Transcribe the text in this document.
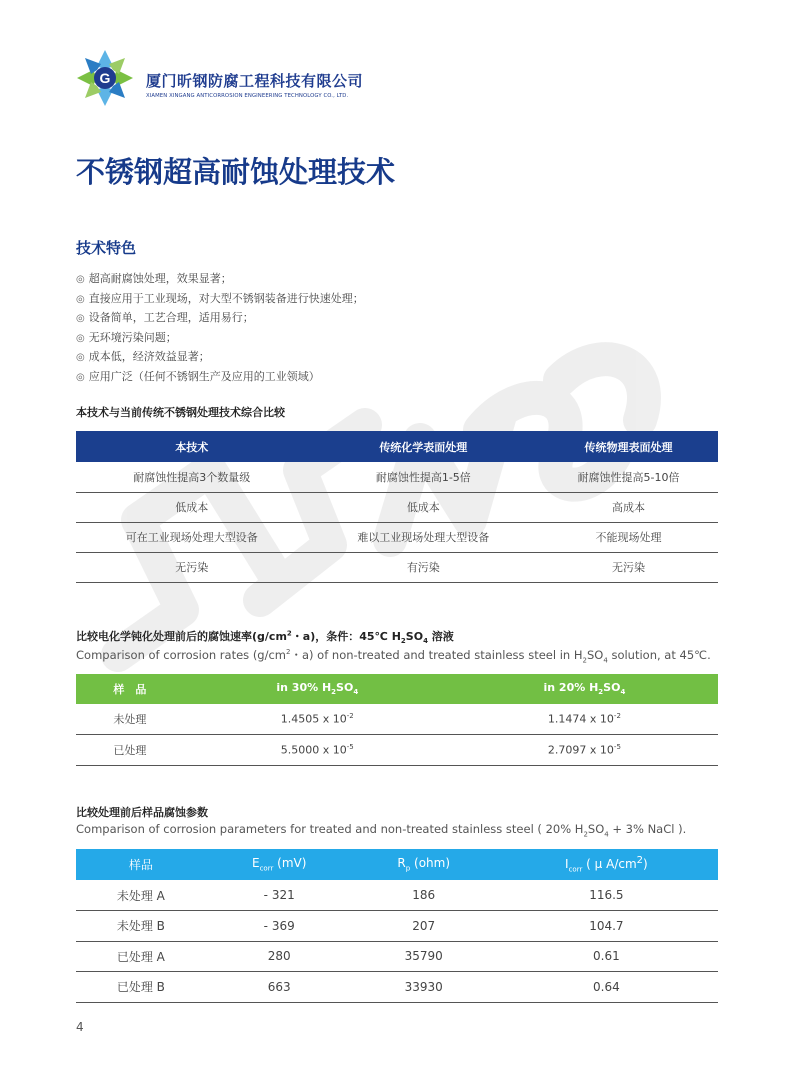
G 厦门昕钢防腐工程科技有限公司
XIAMEN XINGANG ANTICORROSION ENGINEERING TECHNOLOGY CO., LTD.
不锈钢超高耐蚀处理技术
技术特色
◎ 超高耐腐蚀处理，效果显著；
◎ 直接应用于工业现场，对大型不锈钢装备进行快速处理；
◎ 设备简单，工艺合理，适用易行；
◎ 无环境污染问题；
◎ 成本低，经济效益显著；
◎ 应用广泛（任何不锈钢生产及应用的工业领域）
本技术与当前传统不锈钢处理技术综合比较
本技术	传统化学表面处理	传统物理表面处理
耐腐蚀性提高3个数量级	耐腐蚀性提高1-5倍	耐腐蚀性提高5-10倍
低成本	低成本	高成本
可在工业现场处理大型设备	难以工业现场处理大型设备	不能现场处理
无污染	有污染	无污染
比较电化学钝化处理前后的腐蚀速率($g/cm^2$・a)，条件：45℃ $H_2SO_4$ 溶液
Comparison of corrosion rates ($g/cm^2$・a) of non-treated and treated stainless steel in $H_2SO_4$ solution, at 45℃.
样　品	in 30% $H_2SO_4$	in 20% $H_2SO_4$
未处理	1.4505 x $10^{-2}$	1.1474 x $10^{-2}$
已处理	5.5000 x $10^{-5}$	2.7097 x $10^{-5}$
比较处理前后样品腐蚀参数
Comparison of corrosion parameters for treated and non-treated stainless steel ( 20% $H_2SO_4 + 3\%$ NaCl ).
样品	$E_{corr}$ (mV)	$R_p$ (ohm)	$I_{corr}$ ( μ $A/cm^2$)
未处理 A	- 321	186	116.5
未处理 B	- 369	207	104.7
已处理 A	280	35790	0.61
已处理 B	663	33930	0.64
4
